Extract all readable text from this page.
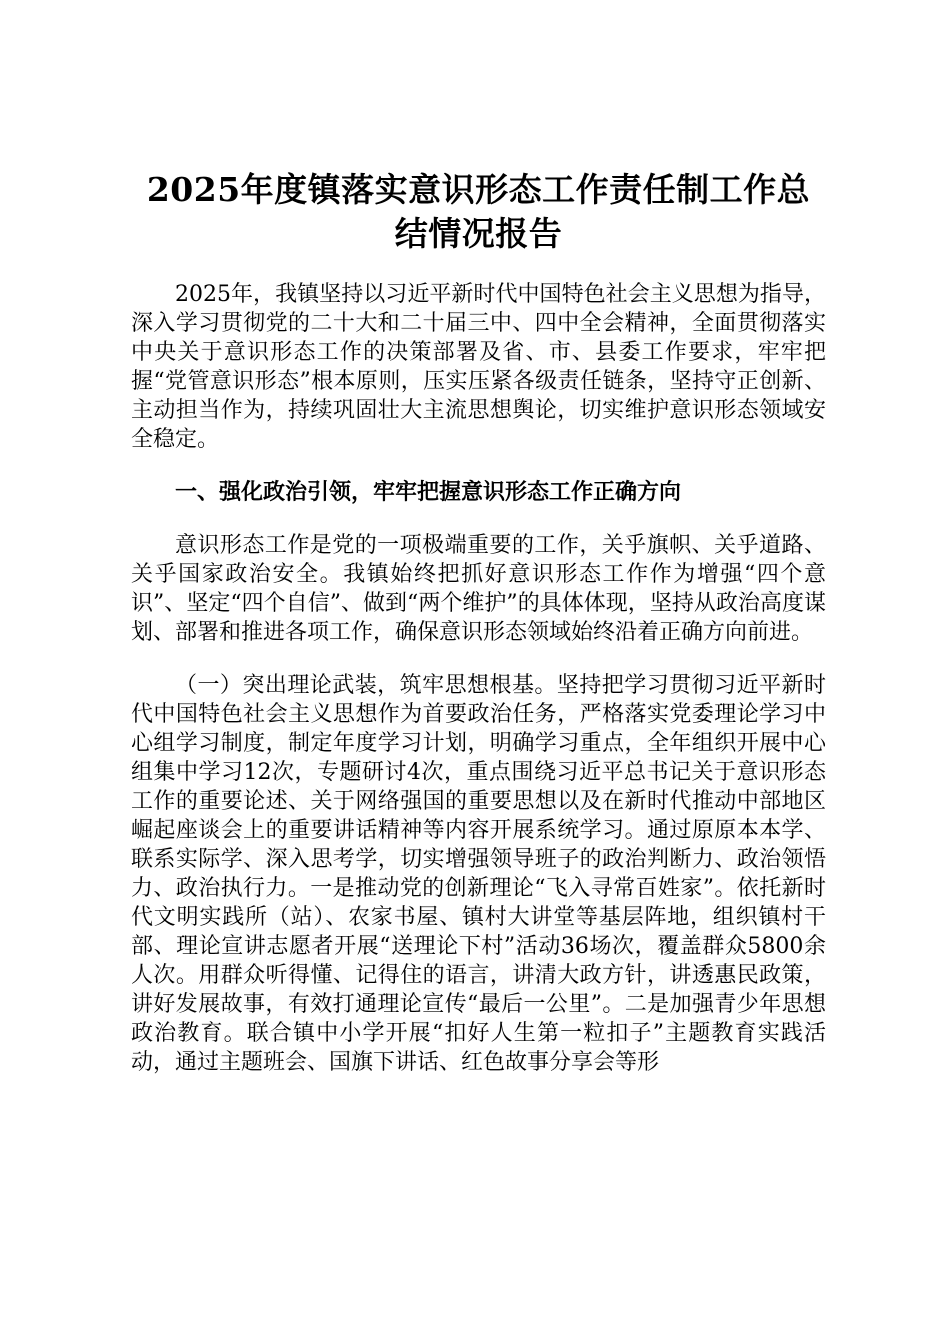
2025年度镇落实意识形态工作责任制工作总
结情况报告

2025年，我镇坚持以习近平新时代中国特色社会主义思想为指导，深入学习贯彻党的二十大和二十届三中、四中全会精神，全面贯彻落实中央关于意识形态工作的决策部署及省、市、县委工作要求，牢牢把握“党管意识形态”根本原则，压实压紧各级责任链条，坚持守正创新、主动担当作为，持续巩固壮大主流思想舆论，切实维护意识形态领域安全稳定。

一、强化政治引领，牢牢把握意识形态工作正确方向

意识形态工作是党的一项极端重要的工作，关乎旗帜、关乎道路、关乎国家政治安全。我镇始终把抓好意识形态工作作为增强“四个意识”、坚定“四个自信”、做到“两个维护”的具体体现，坚持从政治高度谋划、部署和推进各项工作，确保意识形态领域始终沿着正确方向前进。

（一）突出理论武装，筑牢思想根基。坚持把学习贯彻习近平新时代中国特色社会主义思想作为首要政治任务，严格落实党委理论学习中心组学习制度，制定年度学习计划，明确学习重点，全年组织开展中心组集中学习12次，专题研讨4次，重点围绕习近平总书记关于意识形态工作的重要论述、关于网络强国的重要思想以及在新时代推动中部地区崛起座谈会上的重要讲话精神等内容开展系统学习。通过原原本本学、联系实际学、深入思考学，切实增强领导班子的政治判断力、政治领悟力、政治执行力。一是推动党的创新理论“飞入寻常百姓家”。依托新时代文明实践所（站）、农家书屋、镇村大讲堂等基层阵地，组织镇村干部、理论宣讲志愿者开展“送理论下村”活动36场次，覆盖群众5800余人次。用群众听得懂、记得住的语言，讲清大政方针，讲透惠民政策，讲好发展故事，有效打通理论宣传“最后一公里”。二是加强青少年思想政治教育。联合镇中小学开展“扣好人生第一粒扣子”主题教育实践活动，通过主题班会、国旗下讲话、红色故事分享会等形
